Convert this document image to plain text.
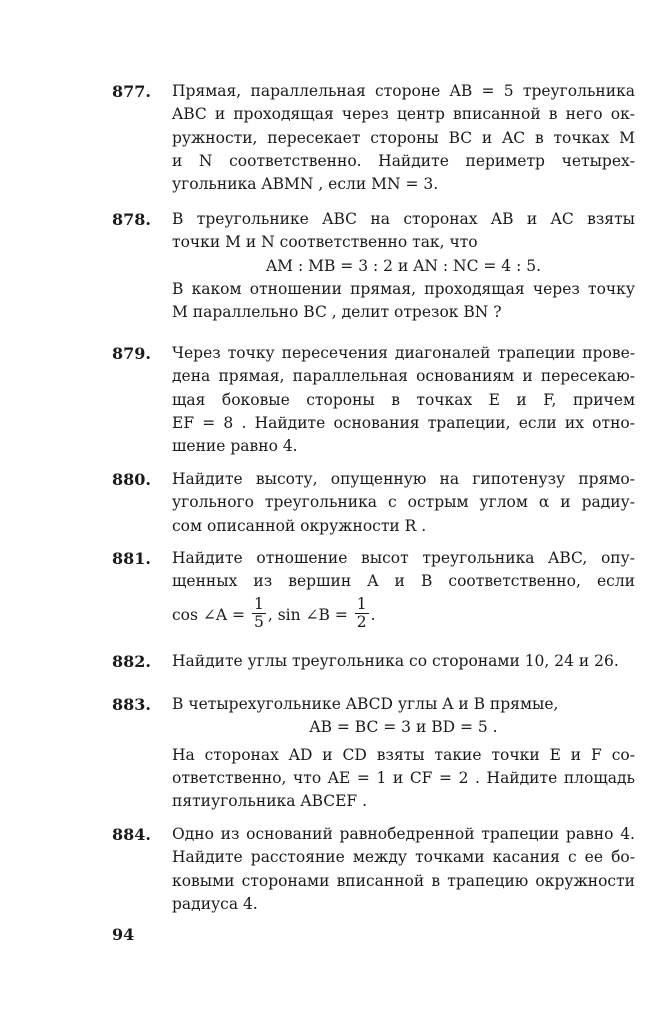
877. Прямая, параллельная стороне AB = 5 треугольника
ABC и проходящая через центр вписанной в него ок-
ружности, пересекает стороны BC и AC в точках M
и N соответственно. Найдите периметр четырех-
угольника ABMN , если MN = 3.
878. В треугольнике ABC на сторонах AB и AC взяты
точки M и N соответственно так, что
AM : MB = 3 : 2 и AN : NC = 4 : 5.
В каком отношении прямая, проходящая через точку
M параллельно BC , делит отрезок BN ?
879. Через точку пересечения диагоналей трапеции прове-
дена прямая, параллельная основаниям и пересекаю-
щая боковые стороны в точках E и F, причем
EF = 8 . Найдите основания трапеции, если их отно-
шение равно 4.
880. Найдите высоту, опущенную на гипотенузу прямо-
угольного треугольника с острым углом α и радиу-
сом описанной окружности R .
881. Найдите отношение высот треугольника ABC, опу-
щенных из вершин A и B соответственно, если
cos ∠A = $\frac{1}{5}$ , sin ∠B = $\frac{1}{2}$ .
882. Найдите углы треугольника со сторонами 10, 24 и 26.
883. В четырехугольнике ABCD углы A и B прямые,
AB = BC = 3 и BD = 5 .
На сторонах AD и CD взяты такие точки E и F со-
ответственно, что AE = 1 и CF = 2 . Найдите площадь
пятиугольника ABCEF .
884. Одно из оснований равнобедренной трапеции равно 4.
Найдите расстояние между точками касания с ее бо-
ковыми сторонами вписанной в трапецию окружности
радиуса 4.
94
